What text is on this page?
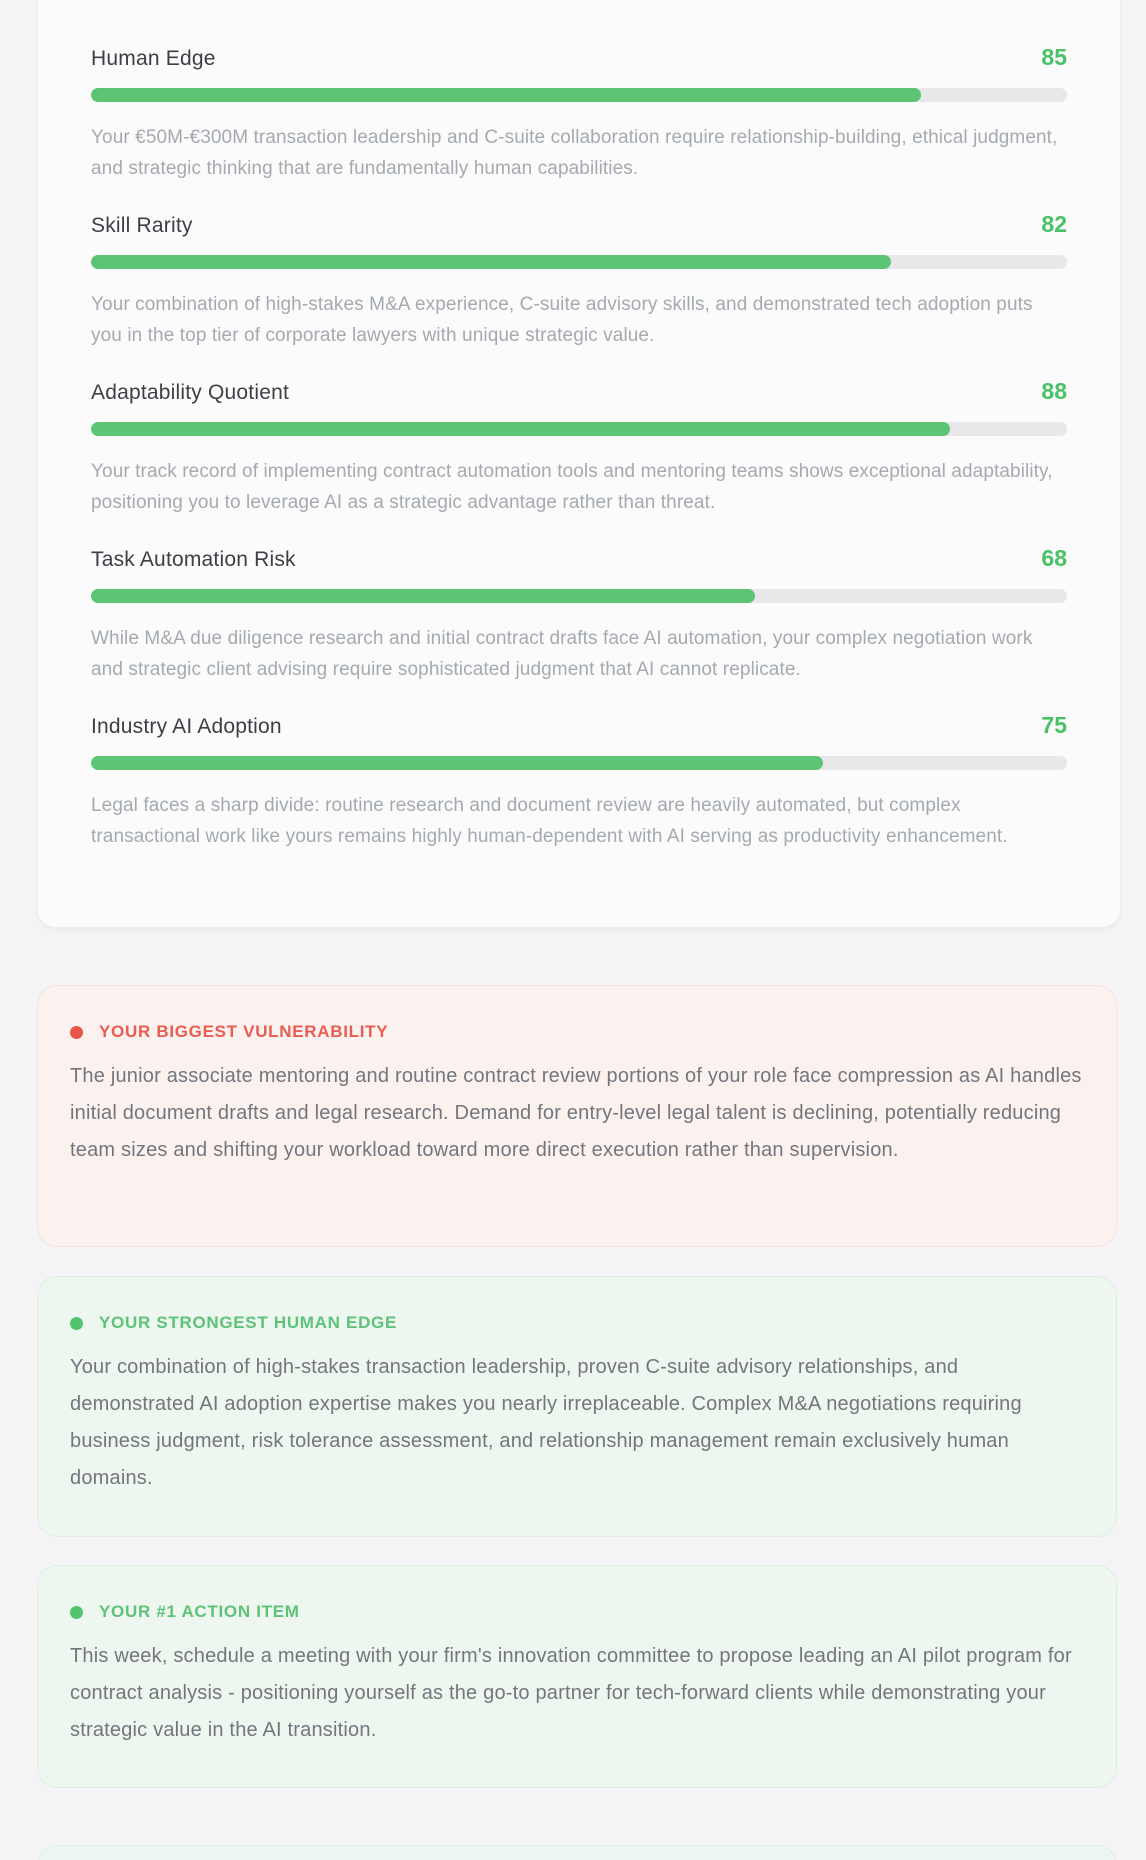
Human Edge	85

Your €50M-€300M transaction leadership and C-suite collaboration require relationship-building, ethical judgment, and strategic thinking that are fundamentally human capabilities.

Skill Rarity	82

Your combination of high-stakes M&A experience, C-suite advisory skills, and demonstrated tech adoption puts you in the top tier of corporate lawyers with unique strategic value.

Adaptability Quotient	88

Your track record of implementing contract automation tools and mentoring teams shows exceptional adaptability, positioning you to leverage AI as a strategic advantage rather than threat.

Task Automation Risk	68

While M&A due diligence research and initial contract drafts face AI automation, your complex negotiation work and strategic client advising require sophisticated judgment that AI cannot replicate.

Industry AI Adoption	75

Legal faces a sharp divide: routine research and document review are heavily automated, but complex transactional work like yours remains highly human-dependent with AI serving as productivity enhancement.

YOUR BIGGEST VULNERABILITY

The junior associate mentoring and routine contract review portions of your role face compression as AI handles initial document drafts and legal research. Demand for entry-level legal talent is declining, potentially reducing team sizes and shifting your workload toward more direct execution rather than supervision.

YOUR STRONGEST HUMAN EDGE

Your combination of high-stakes transaction leadership, proven C-suite advisory relationships, and demonstrated AI adoption expertise makes you nearly irreplaceable. Complex M&A negotiations requiring business judgment, risk tolerance assessment, and relationship management remain exclusively human domains.

YOUR #1 ACTION ITEM

This week, schedule a meeting with your firm's innovation committee to propose leading an AI pilot program for contract analysis - positioning yourself as the go-to partner for tech-forward clients while demonstrating your strategic value in the AI transition.
